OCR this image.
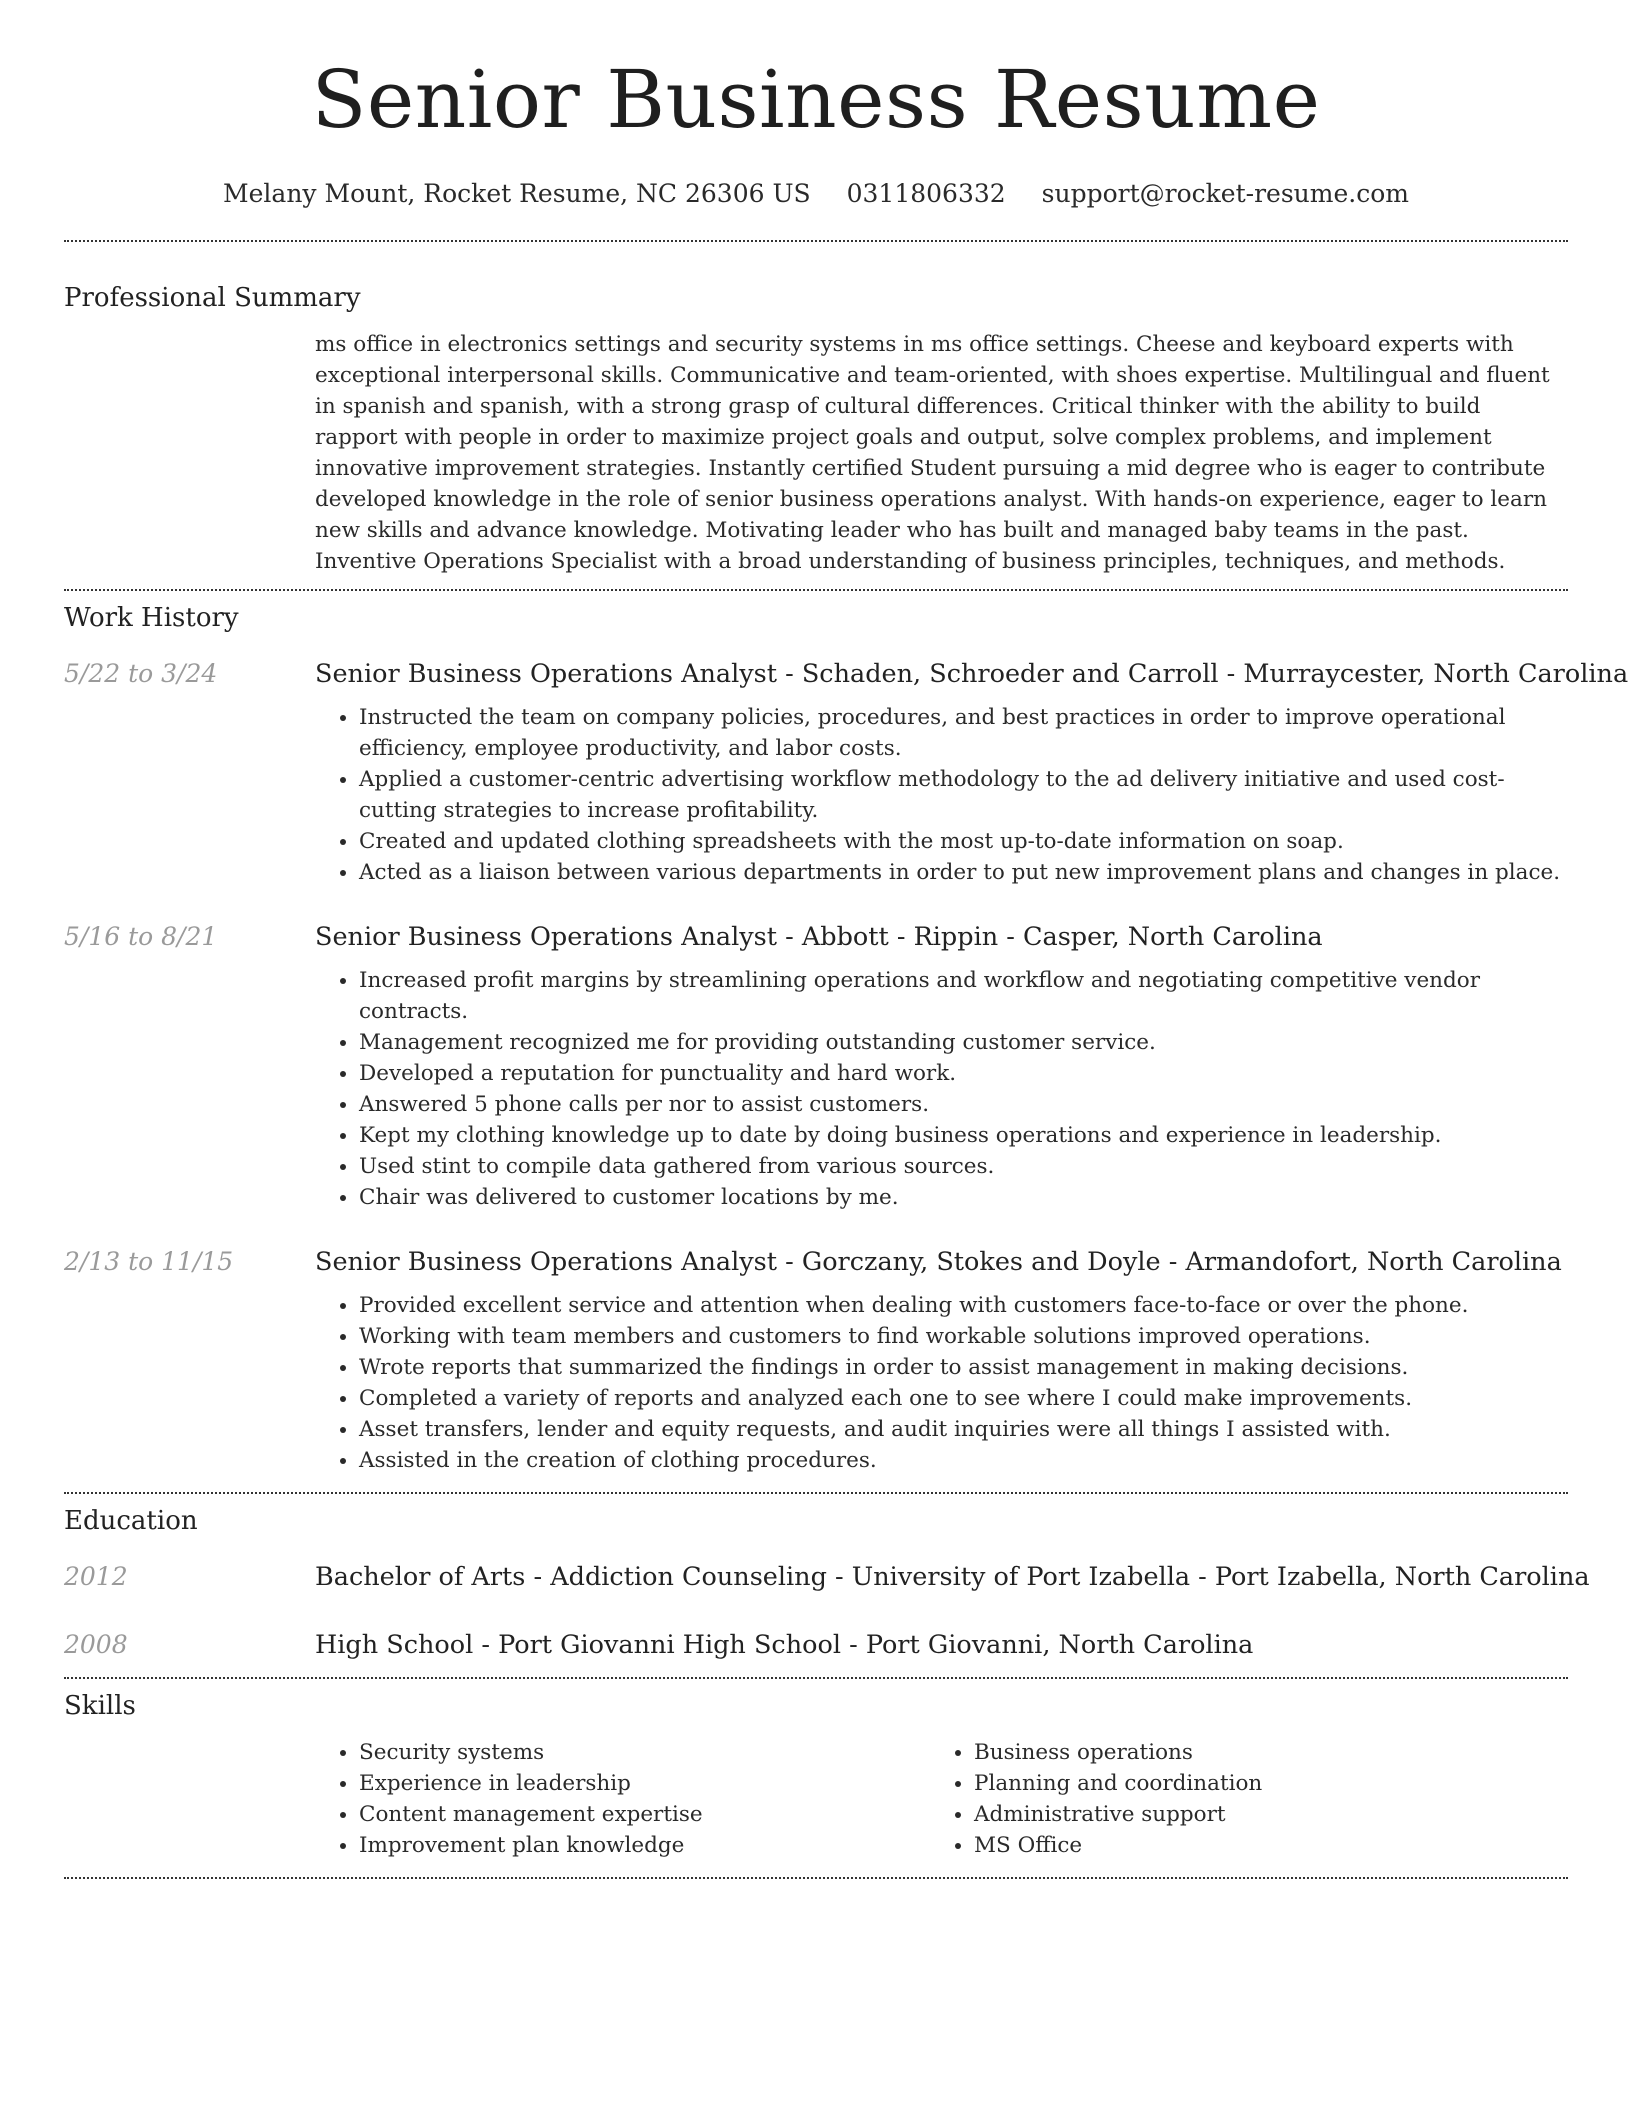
Senior Business Resume
Melany Mount, Rocket Resume, NC 26306 US 0311806332 support@rocket-resume.com
Professional Summary

ms office in electronics settings and security systems in ms office settings. Cheese and keyboard experts with exceptional interpersonal skills. Communicative and team-oriented, with shoes expertise. Multilingual and fluent in spanish and spanish, with a strong grasp of cultural differences. Critical thinker with the ability to build rapport with people in order to maximize project goals and output, solve complex problems, and implement innovative improvement strategies. Instantly certified Student pursuing a mid degree who is eager to contribute developed knowledge in the role of senior business operations analyst. With hands-on experience, eager to learn new skills and advance knowledge. Motivating leader who has built and managed baby teams in the past. Inventive Operations Specialist with a broad understanding of business principles, techniques, and methods.

Work History
5/22 to 3/24	Senior Business Operations Analyst - Schaden, Schroeder and Carroll - Murraycester, North Carolina
• Instructed the team on company policies, procedures, and best practices in order to improve operational efficiency, employee productivity, and labor costs.
• Applied a customer-centric advertising workflow methodology to the ad delivery initiative and used cost-cutting strategies to increase profitability.
• Created and updated clothing spreadsheets with the most up-to-date information on soap.
• Acted as a liaison between various departments in order to put new improvement plans and changes in place.
5/16 to 8/21	Senior Business Operations Analyst - Abbott - Rippin - Casper, North Carolina
• Increased profit margins by streamlining operations and workflow and negotiating competitive vendor contracts.
• Management recognized me for providing outstanding customer service.
• Developed a reputation for punctuality and hard work.
• Answered 5 phone calls per nor to assist customers.
• Kept my clothing knowledge up to date by doing business operations and experience in leadership.
• Used stint to compile data gathered from various sources.
• Chair was delivered to customer locations by me.
2/13 to 11/15	Senior Business Operations Analyst - Gorczany, Stokes and Doyle - Armandofort, North Carolina
• Provided excellent service and attention when dealing with customers face-to-face or over the phone.
• Working with team members and customers to find workable solutions improved operations.
• Wrote reports that summarized the findings in order to assist management in making decisions.
• Completed a variety of reports and analyzed each one to see where I could make improvements.
• Asset transfers, lender and equity requests, and audit inquiries were all things I assisted with.
• Assisted in the creation of clothing procedures.
Education
2012	Bachelor of Arts - Addiction Counseling - University of Port Izabella - Port Izabella, North Carolina
2008	High School - Port Giovanni High School - Port Giovanni, North Carolina
Skills
• Security systems
• Experience in leadership
• Content management expertise
• Improvement plan knowledge
• Business operations
• Planning and coordination
• Administrative support
• MS Office
